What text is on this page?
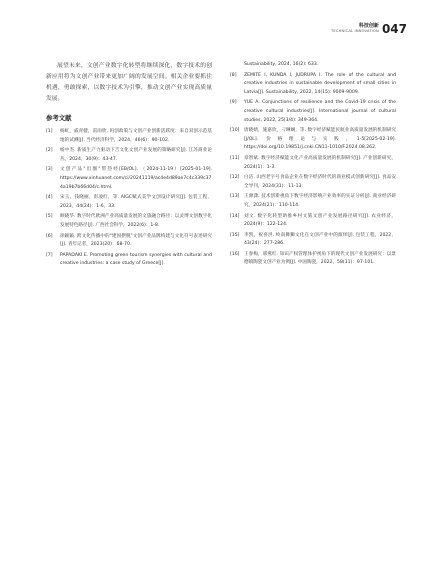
科技创新
TECHNICAL INNOVATION 047

展望未来，文创产业数字化转型将继续深化，数字技术的创新应用将为文创产业带来更加广阔的发展空间。相关企业要抓住机遇，勇敢探索，以数字技术为引擎，推动文创产业实现高质量发展。

参考文献
[1]	杨虹，戚青健，雷雨欣. 吗创政策与文创产业创新活跃度：来自双创示范基地的试测[J]. 当代经济科学，2024，46(6)：90-102.
[2]	杨中杰. 新质生产力驱动下吉文化文创产业发展的策略研究[J]. 江苏商业论丛，2024，30(9)：43-47.
[3]	文创产品"出圈"带热经[EB/OL]. （2024-11-19）[2025-01-19]. https://www.xinhuanet.com/ci/20241119/ac4e4d89ae7c4c339c374a19b7b66d04/c.html.
[4]	宋玉，钱晓丽，彭凌红，等. AIGC赋式美学文创设计研究[J]. 包装工程，2023，44(24)：1-6，33.
[5]	顾晓华. 数字时代欧洲产业高质量发展的文旅融合路径：以灵博文创数字化发展特色路径[J]. 广西社会科学，2022(6)：1-8.
[6]	徐颖颖. 跨文化传播中的"建国摆脱"文创产业品牌构建与文化符号表述研究[J]. 青年记者，2023(20)：68-70.
[7]	PAPADAKI E. Promoting green tourism synergies with cultural and creative industries: a case study of Greece[J].
Sustainability, 2024, 16(2): 633.
[8]	ZEMITE I, KUNDA I, JUDRUPA I. The role of the cultural and creative industries in sustainable development of small cities in Latvia[J]. Sustainability, 2022, 14(15): 9009-9009.
[9]	YUE A. Conjunctions of resilience and the Covid-19 crisis of the creative cultural industries[J]. International journal of cultural studies, 2022, 25(3/4): 349-364.
[10] 唐晓婧，施嘉欣，刁琳娴，等. 数字经济赋能民航业高质量发展的机制研究[J/OL]. 价格理论与实践，1-5[2025-02-19]. https://doi.org/10.19851/j.cnki.CN11-1010/F.2024.08.262.
[11] 章智斌. 数字经济赋能文化产业高质量发展的机制研究[J]. 产业创新研究，2024(1)：1-3.
[12] 白洁. 山西老字号食品企业在数字经济时代的商业模式创新研究[J]. 食品安全导刊，2024(31)：11-13.
[13] 王源潇. 技术创新视角下数字经济影响产业效率的实证分析[J]. 商业经济研究，2024(21)：110-114.
[14] 刘文. 数字化转型助推乡村文旅文创产业发展路径研究[J]. 农业经济，2024(9)：122-124.
[15] 李凯，祝喜洪. 岭南舞狮文化在文创产业中的演绎[J]. 包装工程，2022，43(24)：277-286.
[16] 王春梅，邢燕红. 知识产权管理体护视角下的现代文创产业发展研究：以景德镇陶瓷文创产业为例[J]. 中国陶瓷，2022，58(11)：97-101.
